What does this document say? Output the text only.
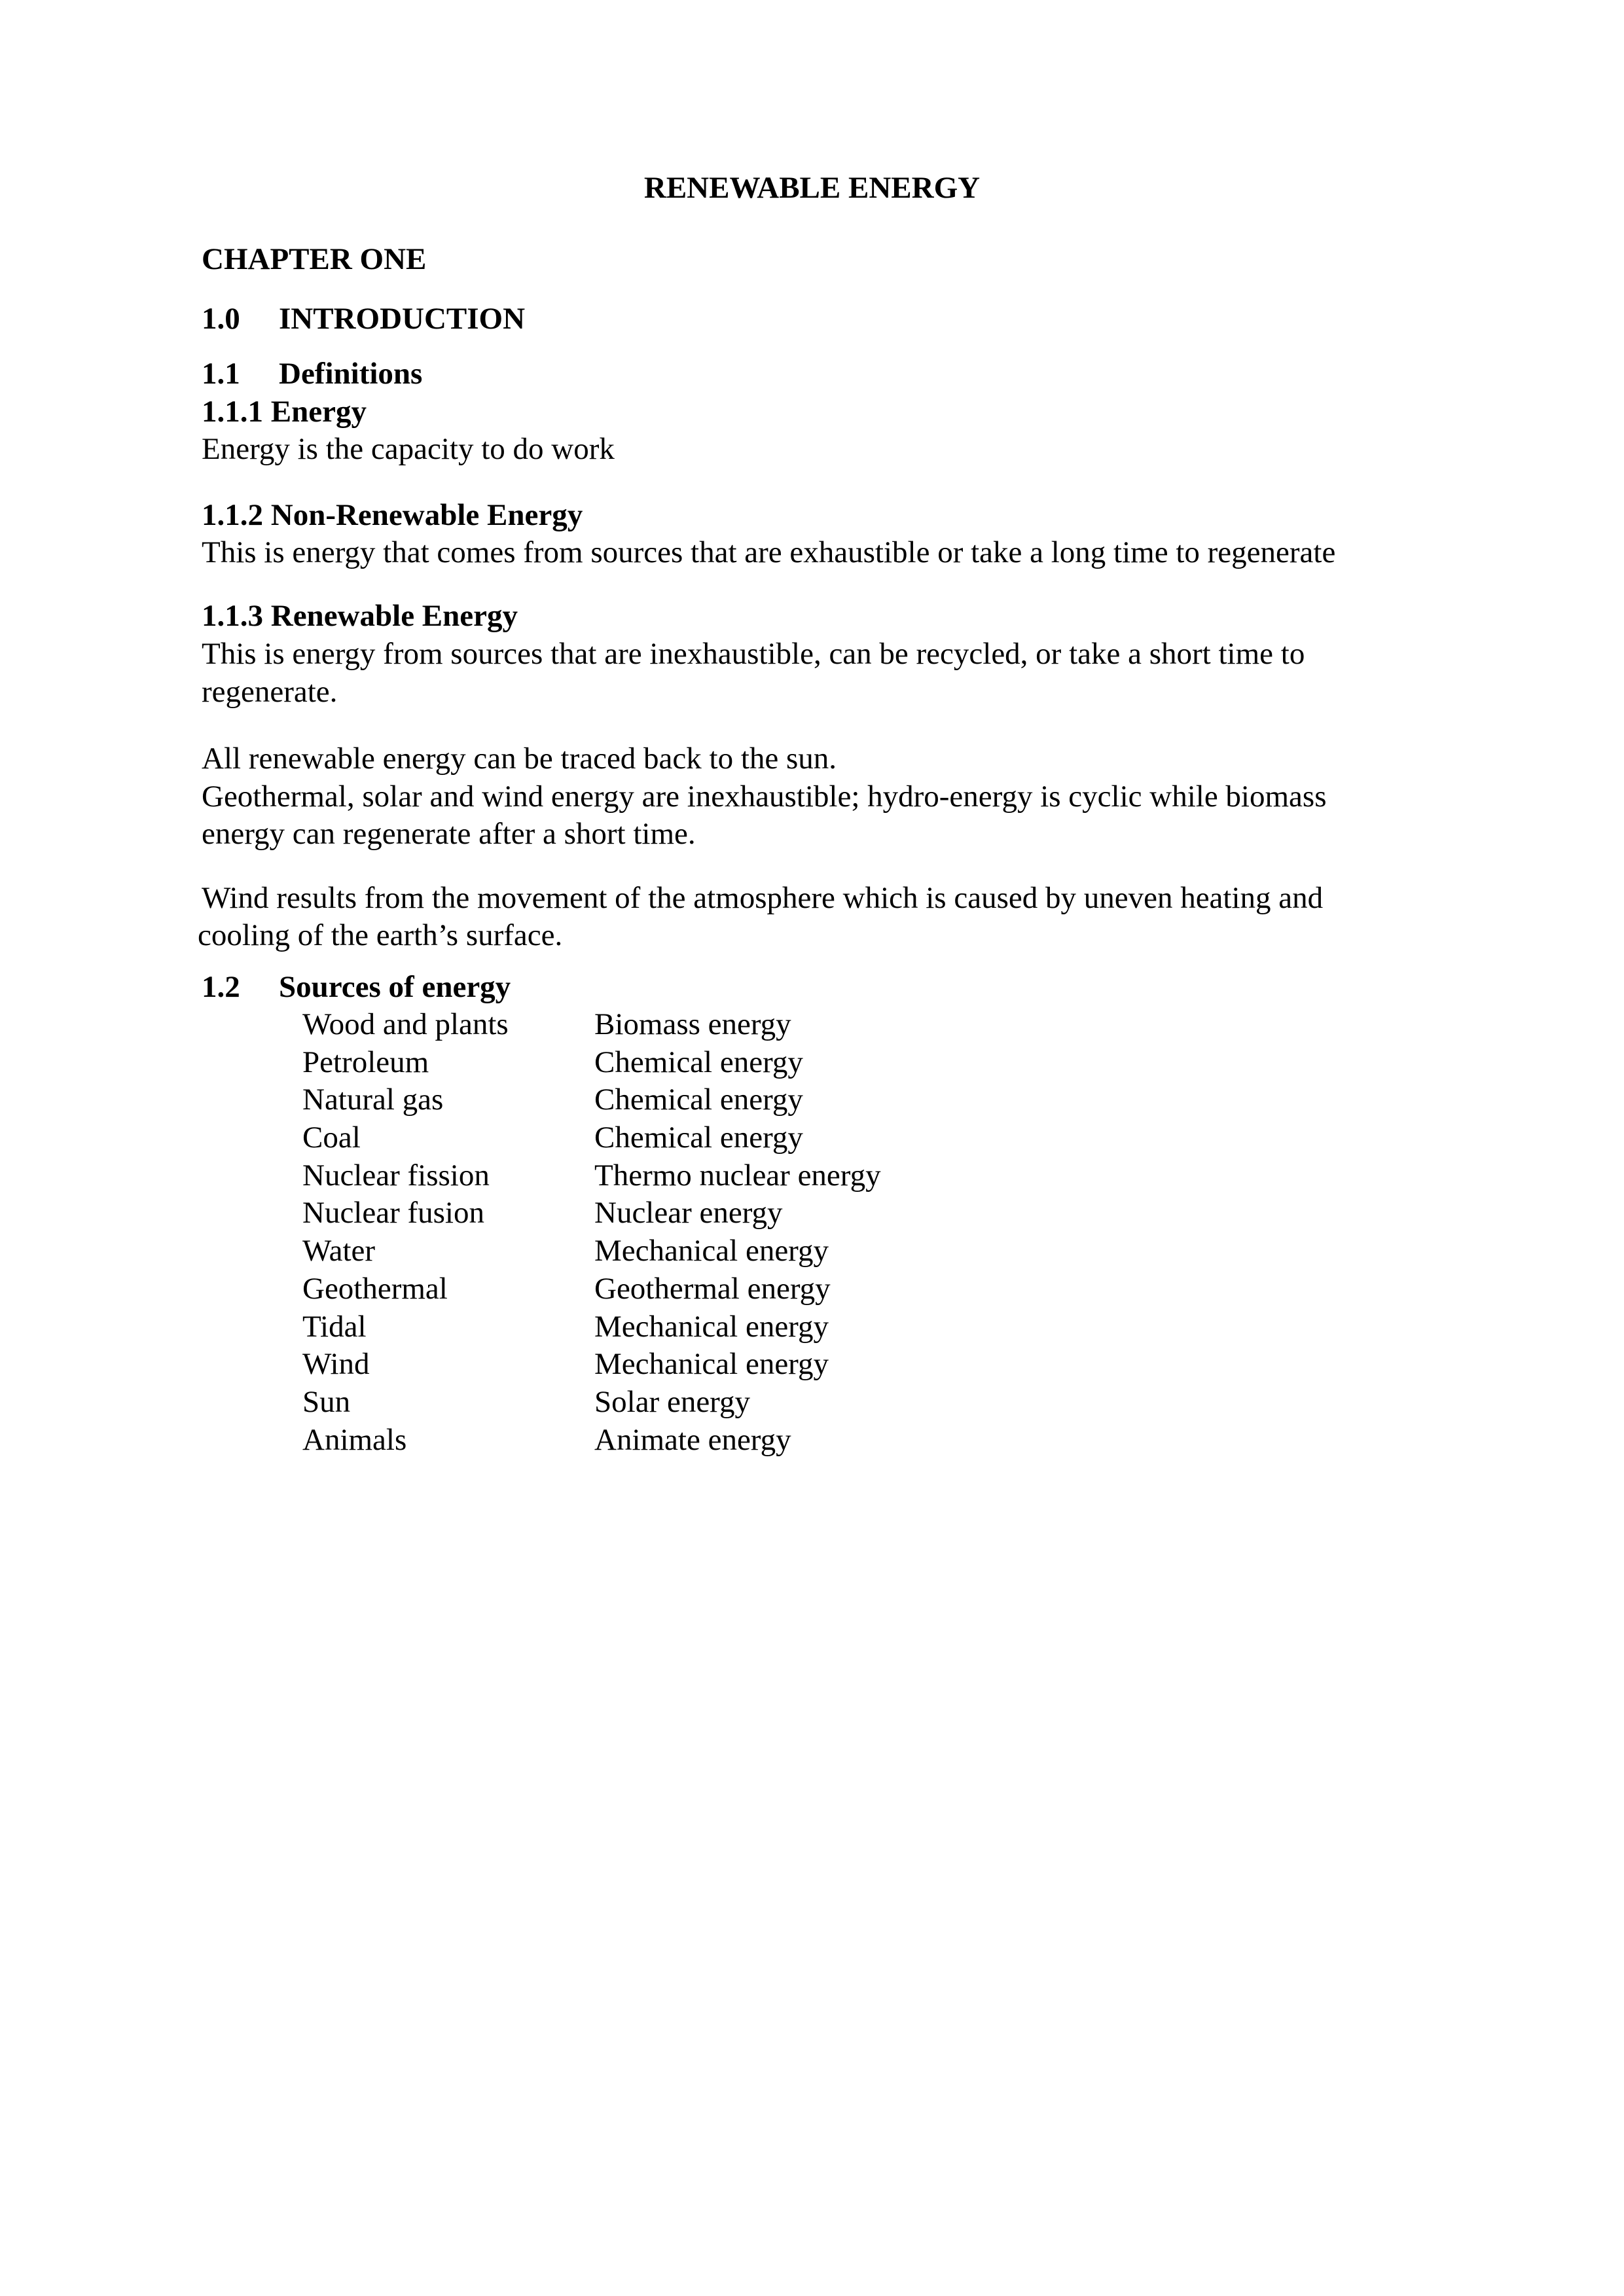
RENEWABLE ENERGY
CHAPTER ONE
1.0 INTRODUCTION
1.1 Definitions
1.1.1 Energy
Energy is the capacity to do work
1.1.2 Non-Renewable Energy
This is energy that comes from sources that are exhaustible or take a long time to regenerate
1.1.3 Renewable Energy
This is energy from sources that are inexhaustible, can be recycled, or take a short time to
regenerate.
All renewable energy can be traced back to the sun.
Geothermal, solar and wind energy are inexhaustible; hydro-energy is cyclic while biomass
energy can regenerate after a short time.
Wind results from the movement of the atmosphere which is caused by uneven heating and
cooling of the earth’s surface.
1.2 Sources of energy
Wood and plants	Biomass energy
Petroleum	Chemical energy
Natural gas	Chemical energy
Coal	Chemical energy
Nuclear fission	Thermo nuclear energy
Nuclear fusion	Nuclear energy
Water	Mechanical energy
Geothermal	Geothermal energy
Tidal	Mechanical energy
Wind	Mechanical energy
Sun	Solar energy
Animals	Animate energy
